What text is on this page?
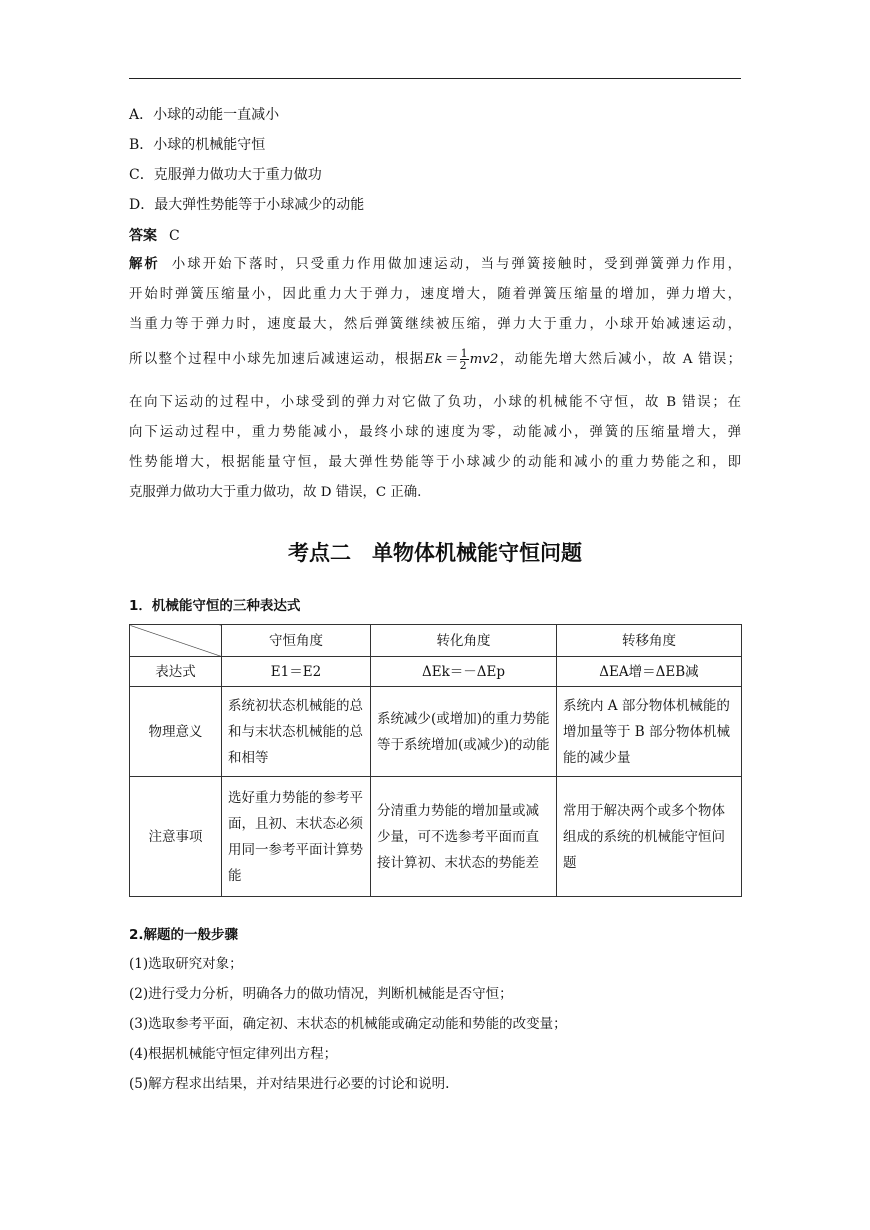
A．小球的动能一直减小
B．小球的机械能守恒
C．克服弹力做功大于重力做功
D．最大弹性势能等于小球减少的动能
答案 C
解析 小球开始下落时，只受重力作用做加速运动，当与弹簧接触时，受到弹簧弹力作用，
开始时弹簧压缩量小，因此重力大于弹力，速度增大，随着弹簧压缩量的增加，弹力增大，
当重力等于弹力时，速度最大，然后弹簧继续被压缩，弹力大于重力，小球开始减速运动，
所以整个过程中小球先加速后减速运动，根据$Ek= \frac{1}{2} mv2$，动能先增大然后减小，故 A 错误；
在向下运动的过程中，小球受到的弹力对它做了负功，小球的机械能不守恒，故 B 错误；在
向下运动过程中，重力势能减小，最终小球的速度为零，动能减小，弹簧的压缩量增大，弹
性势能增大，根据能量守恒，最大弹性势能等于小球减少的动能和减小的重力势能之和，即
克服弹力做功大于重力做功，故 D 错误，C 正确.
考点二　单物体机械能守恒问题
1．机械能守恒的三种表达式
	守恒角度	转化角度	转移角度
表达式	E1＝E2	ΔEk＝－ΔEp	ΔEA增＝ΔEB减
物理意义	系统初状态机械能的总和与末状态机械能的总和相等	系统减少(或增加)的重力势能等于系统增加(或减少)的动能	系统内 A 部分物体机械能的增加量等于 B 部分物体机械能的减少量
注意事项	选好重力势能的参考平面，且初、末状态必须用同一参考平面计算势能	分清重力势能的增加量或减少量，可不选参考平面而直接计算初、末状态的势能差	常用于解决两个或多个物体组成的系统的机械能守恒问题
2.解题的一般步骤
(1)选取研究对象；
(2)进行受力分析，明确各力的做功情况，判断机械能是否守恒；
(3)选取参考平面，确定初、末状态的机械能或确定动能和势能的改变量；
(4)根据机械能守恒定律列出方程；
(5)解方程求出结果，并对结果进行必要的讨论和说明.
